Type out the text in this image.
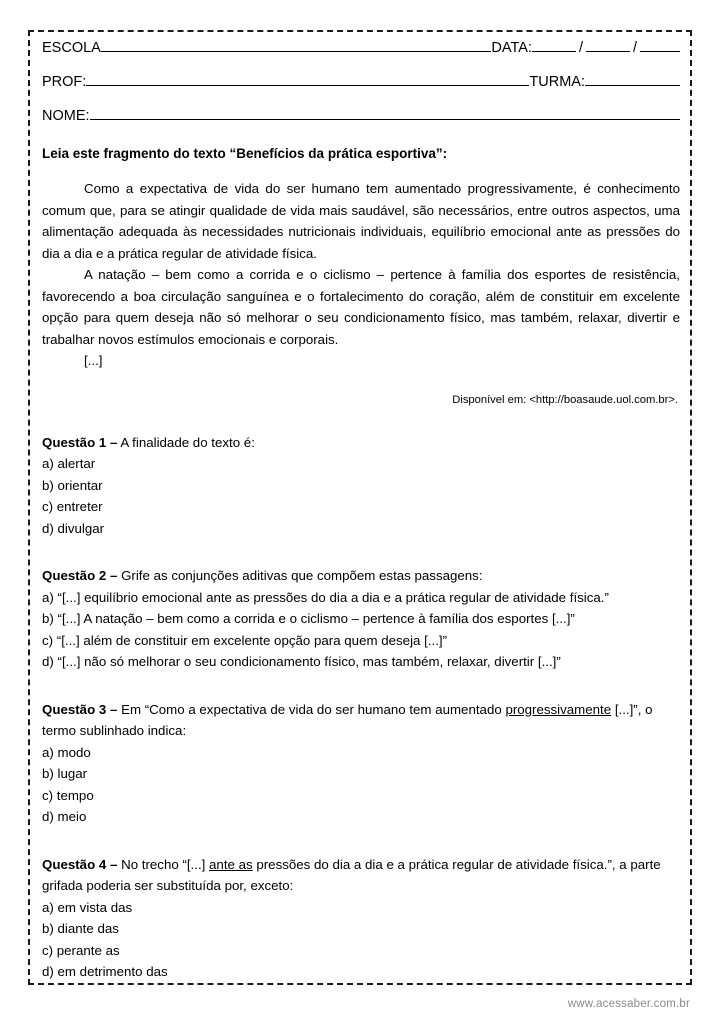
ESCOLA	DATA:	/	/
PROF:	TURMA:
NOME:
Leia este fragmento do texto “Benefícios da prática esportiva”:

Como a expectativa de vida do ser humano tem aumentado progressivamente, é conhecimento comum que, para se atingir qualidade de vida mais saudável, são necessários, entre outros aspectos, uma alimentação adequada às necessidades nutricionais individuais, equilíbrio emocional ante as pressões do dia a dia e a prática regular de atividade física.

A natação – bem como a corrida e o ciclismo – pertence à família dos esportes de resistência, favorecendo a boa circulação sanguínea e o fortalecimento do coração, além de constituir em excelente opção para quem deseja não só melhorar o seu condicionamento físico, mas também, relaxar, divertir e trabalhar novos estímulos emocionais e corporais.

[...]

Disponível em: <http://boasaude.uol.com.br>.

Questão 1 – A finalidade do texto é:

a) alertar

b) orientar

c) entreter

d) divulgar

Questão 2 – Grife as conjunções aditivas que compõem estas passagens:

a) “[...] equilíbrio emocional ante as pressões do dia a dia e a prática regular de atividade física.”

b) “[...] A natação – bem como a corrida e o ciclismo – pertence à família dos esportes [...]”

c) “[...] além de constituir em excelente opção para quem deseja [...]”

d) “[...] não só melhorar o seu condicionamento físico, mas também, relaxar, divertir [...]”

Questão 3 – Em “Como a expectativa de vida do ser humano tem aumentado progressivamente [...]”, o termo sublinhado indica:

a) modo

b) lugar

c) tempo

d) meio

Questão 4 – No trecho “[...] ante as pressões do dia a dia e a prática regular de atividade física.”, a parte grifada poderia ser substituída por, exceto:

a) em vista das

b) diante das

c) perante as

d) em detrimento das

www.acessaber.com.br
